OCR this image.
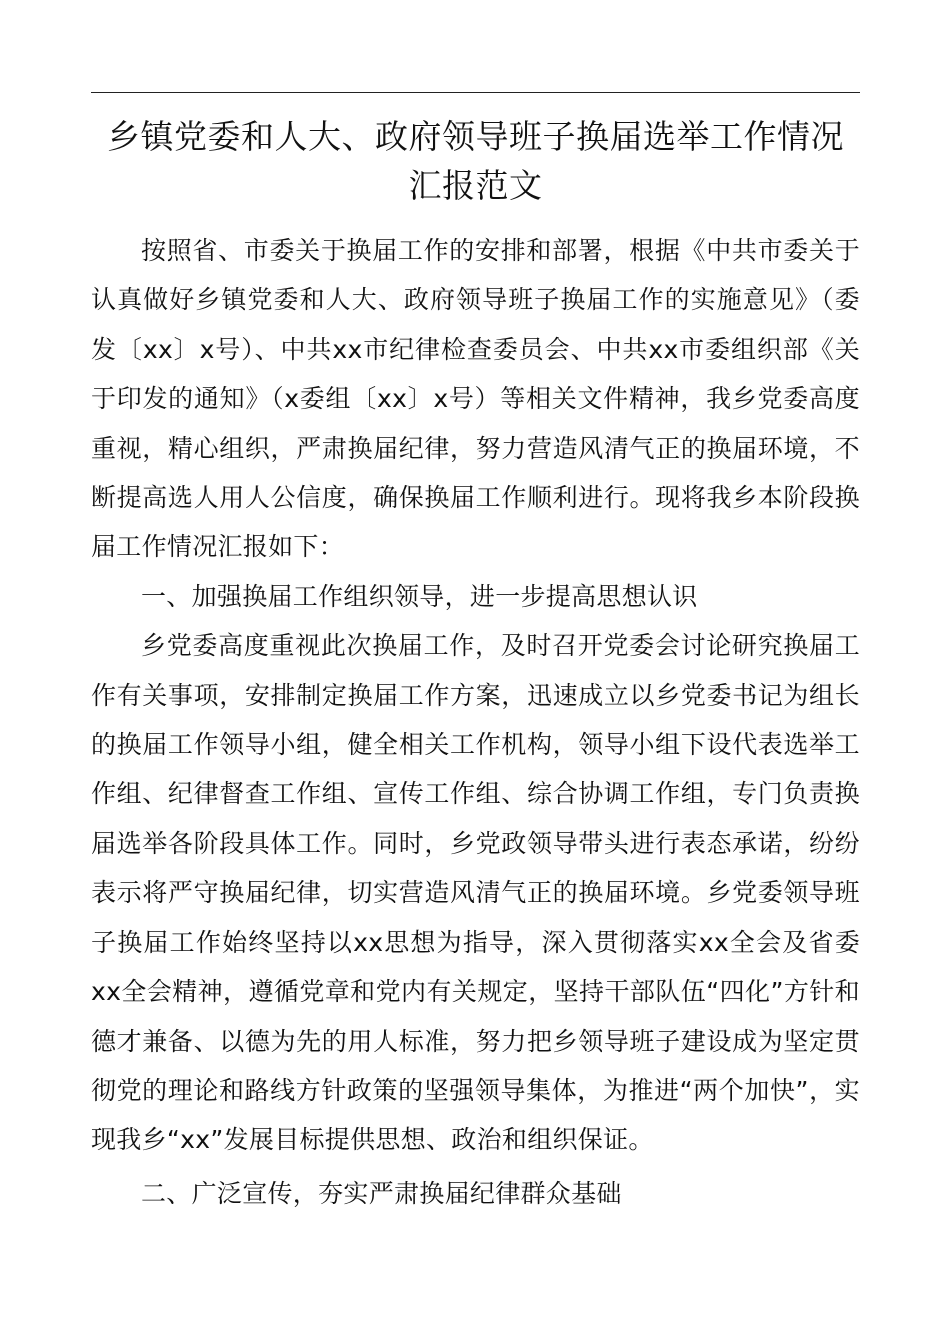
乡镇党委和人大、政府领导班子换届选举工作情况汇报范文

按照省、市委关于换届工作的安排和部署，根据《中共市委关于认真做好乡镇党委和人大、政府领导班子换届工作的实施意见》（委发〔xx〕x号）、中共xx市纪律检查委员会、中共xx市委组织部《关于印发的通知》（x委组〔xx〕x号）等相关文件精神，我乡党委高度重视，精心组织，严肃换届纪律，努力营造风清气正的换届环境，不断提高选人用人公信度，确保换届工作顺利进行。现将我乡本阶段换届工作情况汇报如下：

一、加强换届工作组织领导，进一步提高思想认识

乡党委高度重视此次换届工作，及时召开党委会讨论研究换届工作有关事项，安排制定换届工作方案，迅速成立以乡党委书记为组长的换届工作领导小组，健全相关工作机构，领导小组下设代表选举工作组、纪律督查工作组、宣传工作组、综合协调工作组，专门负责换届选举各阶段具体工作。同时，乡党政领导带头进行表态承诺，纷纷表示将严守换届纪律，切实营造风清气正的换届环境。乡党委领导班子换届工作始终坚持以xx思想为指导，深入贯彻落实xx全会及省委xx全会精神，遵循党章和党内有关规定，坚持干部队伍“四化”方针和德才兼备、以德为先的用人标准，努力把乡领导班子建设成为坚定贯彻党的理论和路线方针政策的坚强领导集体，为推进“两个加快”，实现我乡“xx”发展目标提供思想、政治和组织保证。

二、广泛宣传，夯实严肃换届纪律群众基础
